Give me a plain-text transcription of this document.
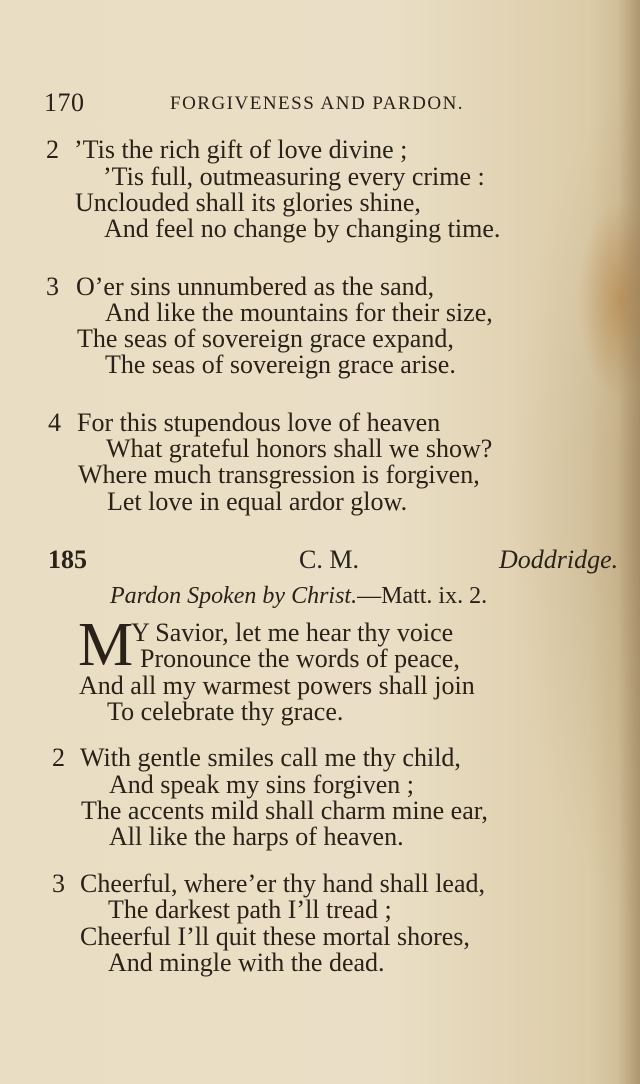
170	FORGIVENESS AND PARDON.
2 ’Tis the rich gift of love divine ;
’Tis full, outmeasuring every crime :
Unclouded shall its glories shine,
And feel no change by changing time.
3 O’er sins unnumbered as the sand,
And like the mountains for their size,
The seas of sovereign grace expand,
The seas of sovereign grace arise.
4 For this stupendous love of heaven
What grateful honors shall we show?
Where much transgression is forgiven,
Let love in equal ardor glow.
185	C. M.	Doddridge.
Pardon Spoken by Christ.—Matt. ix. 2.
M
Y Savior, let me hear thy voice
Pronounce the words of peace,
And all my warmest powers shall join
To celebrate thy grace.
2 With gentle smiles call me thy child,
And speak my sins forgiven ;
The accents mild shall charm mine ear,
All like the harps of heaven.
3 Cheerful, where’er thy hand shall lead,
The darkest path I’ll tread ;
Cheerful I’ll quit these mortal shores,
And mingle with the dead.
